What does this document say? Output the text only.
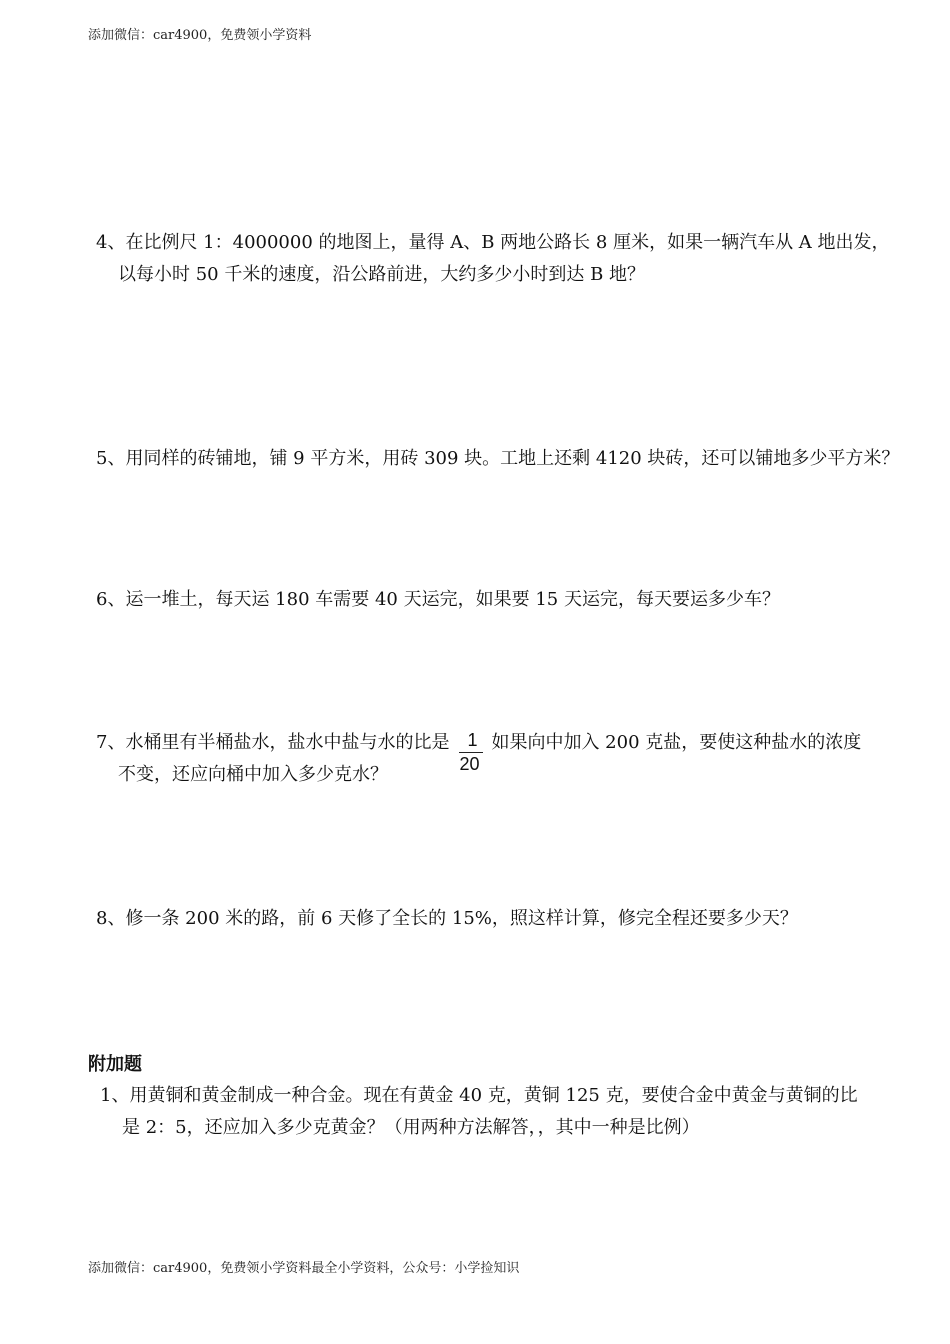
添加微信：car4900，免费领小学资料
4、在比例尺 1：4000000 的地图上，量得 A、B 两地公路长 8 厘米，如果一辆汽车从 A 地出发，
以每小时 50 千米的速度，沿公路前进，大约多少小时到达 B 地？
5、用同样的砖铺地，铺 9 平方米，用砖 309 块。工地上还剩 4120 块砖，还可以铺地多少平方米？
6、运一堆土，每天运 180 车需要 40 天运完，如果要 15 天运完，每天要运多少车？
7、水桶里有半桶盐水，盐水中盐与水的比是 $\frac{1}{20}$ 如果向中加入 200 克盐，要使这种盐水的浓度
不变，还应向桶中加入多少克水？
8、修一条 200 米的路，前 6 天修了全长的 15%，照这样计算，修完全程还要多少天？
附加题
1、用黄铜和黄金制成一种合金。现在有黄金 40 克，黄铜 125 克，要使合金中黄金与黄铜的比
是 2：5，还应加入多少克黄金？（用两种方法解答，，其中一种是比例）
添加微信：car4900，免费领小学资料最全小学资料，公众号：小学捡知识
